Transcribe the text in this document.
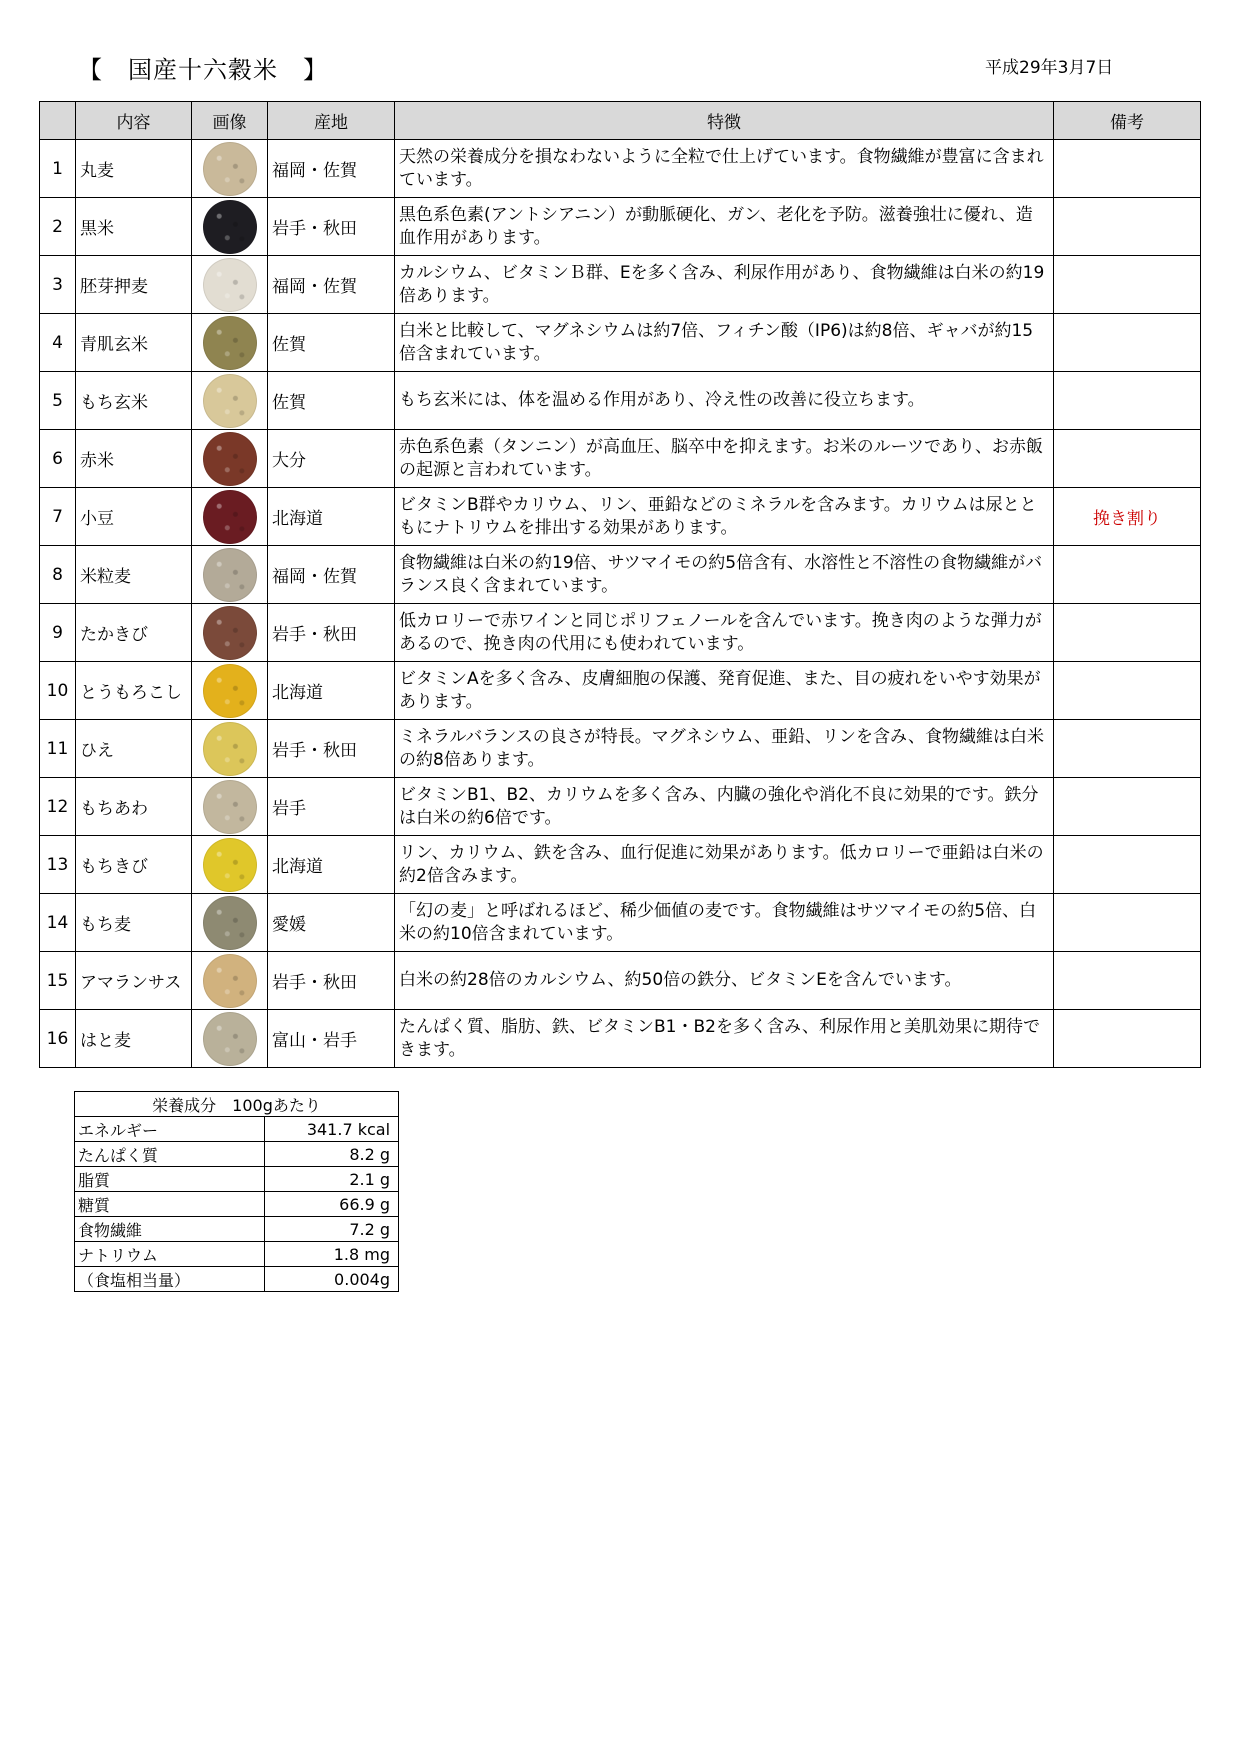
【　国産十六穀米　】	平成29年3月7日
	内容	画像	産地	特徴	備考
1	丸麦		福岡・佐賀	天然の栄養成分を損なわないように全粒で仕上げています。食物繊維が豊富に含まれています。	
2	黒米		岩手・秋田	黒色系色素(アントシアニン）が動脈硬化、ガン、老化を予防。滋養強壮に優れ、造血作用があります。	
3	胚芽押麦		福岡・佐賀	カルシウム、ビタミンＢ群、Eを多く含み、利尿作用があり、食物繊維は白米の約19倍あります。	
4	青肌玄米		佐賀	白米と比較して、マグネシウムは約7倍、フィチン酸（IP6)は約8倍、ギャバが約15倍含まれています。	
5	もち玄米		佐賀	もち玄米には、体を温める作用があり、冷え性の改善に役立ちます。	
6	赤米		大分	赤色系色素（タンニン）が高血圧、脳卒中を抑えます。お米のルーツであり、お赤飯の起源と言われています。	
7	小豆		北海道	ビタミンB群やカリウム、リン、亜鉛などのミネラルを含みます。カリウムは尿とともにナトリウムを排出する効果があります。	挽き割り
8	米粒麦		福岡・佐賀	食物繊維は白米の約19倍、サツマイモの約5倍含有、水溶性と不溶性の食物繊維がバランス良く含まれています。	
9	たかきび		岩手・秋田	低カロリーで赤ワインと同じポリフェノールを含んでいます。挽き肉のような弾力があるので、挽き肉の代用にも使われています。	
10	とうもろこし		北海道	ビタミンAを多く含み、皮膚細胞の保護、発育促進、また、目の疲れをいやす効果があります。	
11	ひえ		岩手・秋田	ミネラルバランスの良さが特長。マグネシウム、亜鉛、リンを含み、食物繊維は白米の約8倍あります。	
12	もちあわ		岩手	ビタミンB1、B2、カリウムを多く含み、内臓の強化や消化不良に効果的です。鉄分は白米の約6倍です。	
13	もちきび		北海道	リン、カリウム、鉄を含み、血行促進に効果があります。低カロリーで亜鉛は白米の約2倍含みます。	
14	もち麦		愛媛	「幻の麦」と呼ばれるほど、稀少価値の麦です。食物繊維はサツマイモの約5倍、白米の約10倍含まれています。	
15	アマランサス		岩手・秋田	白米の約28倍のカルシウム、約50倍の鉄分、ビタミンEを含んでいます。	
16	はと麦		富山・岩手	たんぱく質、脂肪、鉄、ビタミンB1・B2を多く含み、利尿作用と美肌効果に期待できます。	
栄養成分　100gあたり	
エネルギー	341.7 kcal
たんぱく質	8.2 g
脂質	2.1 g
糖質	66.9 g
食物繊維	7.2 g
ナトリウム	1.8 mg
（食塩相当量）	0.004g
